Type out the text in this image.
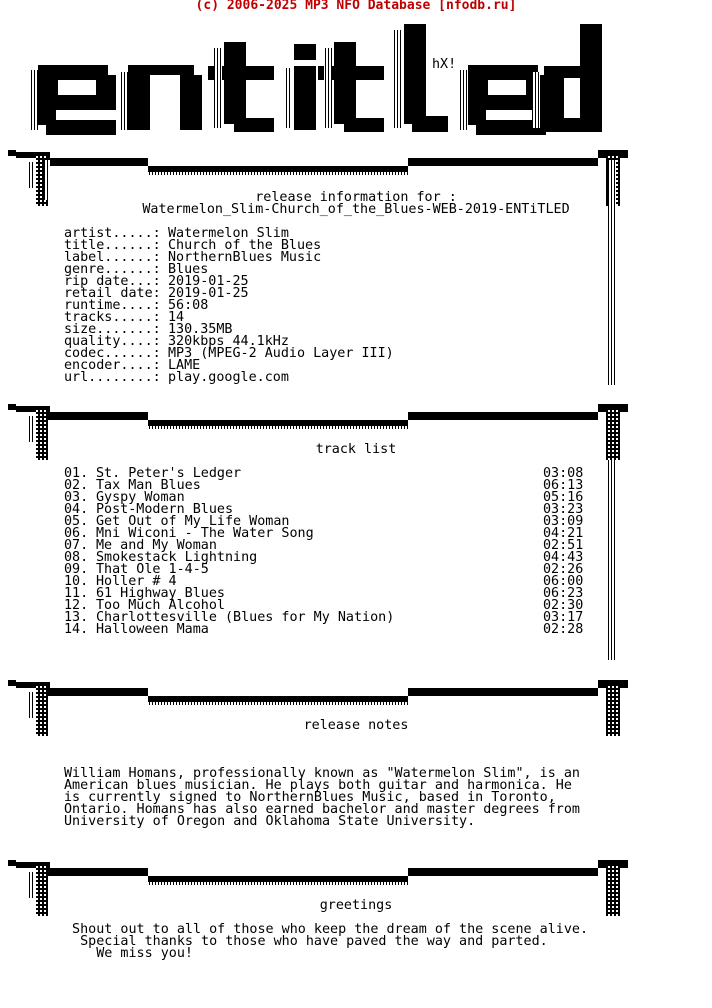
(c) 2006-2025 MP3 NFO Database [nfodb.ru]
hX!
release information for :
Watermelon_Slim-Church_of_the_Blues-WEB-2019-ENTiTLED
artist.....: Watermelon Slim
title......: Church of the Blues
label......: NorthernBlues Music
genre......: Blues
rip date...: 2019-01-25
retail date: 2019-01-25
runtime....: 56:08
tracks.....: 14
size.......: 130.35MB
quality....: 320kbps 44.1kHz
codec......: MP3 (MPEG-2 Audio Layer III)
encoder....: LAME
url........: play.google.com
track list
01. St. Peter's Ledger	03:08
02. Tax Man Blues	06:13
03. Gyspy Woman	05:16
04. Post-Modern Blues	03:23
05. Get Out of My Life Woman	03:09
06. Mni Wiconi - The Water Song	04:21
07. Me and My Woman	02:51
08. Smokestack Lightning	04:43
09. That Ole 1-4-5	02:26
10. Holler # 4	06:00
11. 61 Highway Blues	06:23
12. Too Much Alcohol	02:30
13. Charlottesville (Blues for My Nation)	03:17
14. Halloween Mama	02:28
release notes
William Homans, professionally known as "Watermelon Slim", is an
American blues musician. He plays both guitar and harmonica. He
is currently signed to NorthernBlues Music, based in Toronto,
Ontario. Homans has also earned bachelor and master degrees from
University of Oregon and Oklahoma State University.
greetings
Shout out to all of those who keep the dream of the scene alive.
Special thanks to those who have paved the way and parted.
We miss you!
